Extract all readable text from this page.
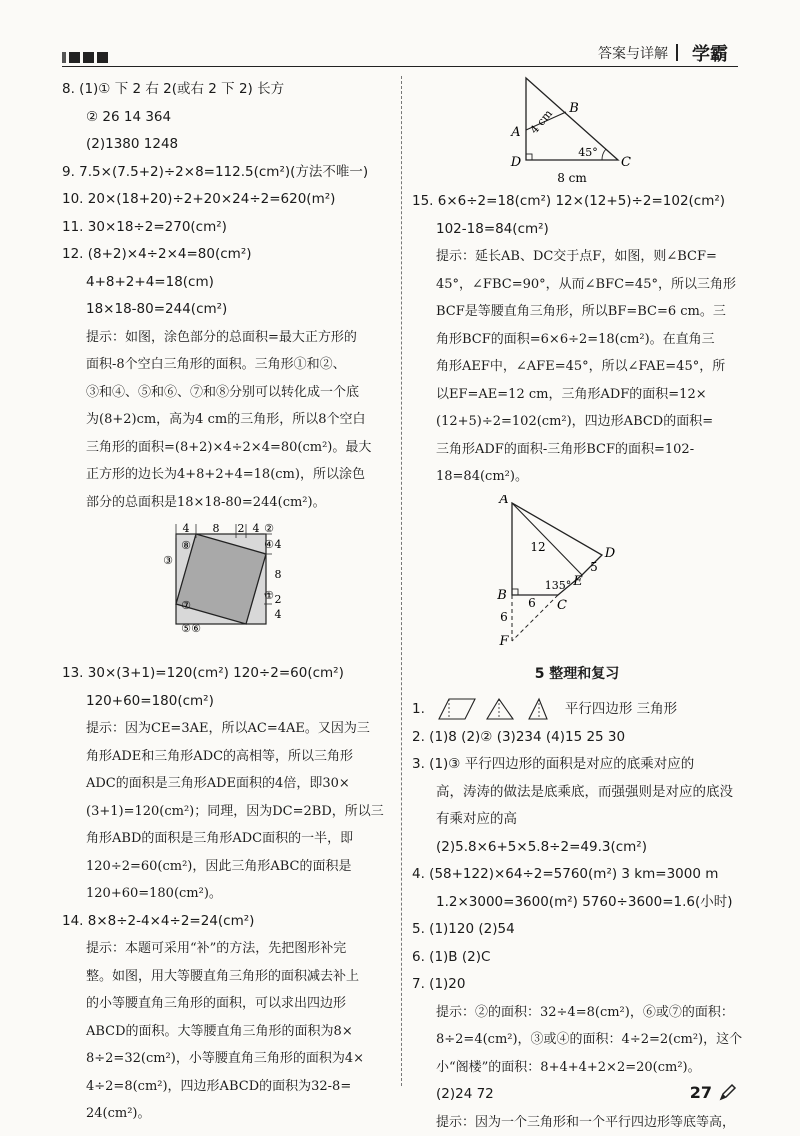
答案与详解 学霸
8. (1)① 下 2 右 2(或右 2 下 2) 长方
② 26 14 364
(2)1380 1248
9. 7.5×(7.5+2)÷2×8=112.5(cm²)(方法不唯一)
10. 20×(18+20)÷2+20×24÷2=620(m²)
11. 30×18÷2=270(cm²)
12. (8+2)×4÷2×4=80(cm²)
4+8+2+4=18(cm)
18×18-80=244(cm²)
提示：如图，涂色部分的总面积=最大正方形的
面积-8个空白三角形的面积。三角形①和②、
③和④、⑤和⑥、⑦和⑧分别可以转化成一个底
为(8+2)cm，高为4 cm的三角形，所以8个空白
三角形的面积=(8+2)×4÷2×4=80(cm²)。最大
正方形的边长为4+8+2+4=18(cm)，所以涂色
部分的总面积是18×18-80=244(cm²)。
4 8 2 4
4
8
2
4
②
④
③
⑧
⑦
⑤ ⑥
①
13. 30×(3+1)=120(cm²) 120÷2=60(cm²)
120+60=180(cm²)
提示：因为CE=3AE，所以AC=4AE。又因为三
角形ADE和三角形ADC的高相等，所以三角形
ADC的面积是三角形ADE面积的4倍，即30×
(3+1)=120(cm²)；同理，因为DC=2BD，所以三
角形ABD的面积是三角形ADC面积的一半，即
120÷2=60(cm²)，因此三角形ABC的面积是
120+60=180(cm²)。
14. 8×8÷2-4×4÷2=24(cm²)
提示：本题可采用“补”的方法，先把图形补完
整。如图，用大等腰直角三角形的面积减去补上
的小等腰直角三角形的面积，可以求出四边形
ABCD的面积。大等腰直角三角形的面积为8×
8÷2=32(cm²)，小等腰直角三角形的面积为4×
4÷2=8(cm²)，四边形ABCD的面积为32-8=
24(cm²)。
A
B
C
D
4 cm
45°
8 cm
15. 6×6÷2=18(cm²) 12×(12+5)÷2=102(cm²)
102-18=84(cm²)
提示：延长AB、DC交于点F，如图，则∠BCF=
45°，∠FBC=90°，从而∠BFC=45°，所以三角形
BCF是等腰直角三角形，所以BF=BC=6 cm。三
角形BCF的面积=6×6÷2=18(cm²)。在直角三
角形AEF中，∠AFE=45°，所以∠FAE=45°，所
以EF=AE=12 cm，三角形ADF的面积=12×
(12+5)÷2=102(cm²)，四边形ABCD的面积=
三角形ADF的面积-三角形BCF的面积=102-
18=84(cm²)。
A
B
C
D
E
F
12
5
6
6
135°
5 整理和复习
1.	平行四边形 三角形
2. (1)8 (2)② (3)234 (4)15 25 30
3. (1)③ 平行四边形的面积是对应的底乘对应的
高，涛涛的做法是底乘底，而强强则是对应的底没
有乘对应的高
(2)5.8×6+5×5.8÷2=49.3(cm²)
4. (58+122)×64÷2=5760(m²) 3 km=3000 m
1.2×3000=3600(m²) 5760÷3600=1.6(小时)
5. (1)120 (2)54
6. (1)B (2)C
7. (1)20
提示：②的面积：32÷4=8(cm²)，⑥或⑦的面积：
8÷2=4(cm²)，③或④的面积：4÷2=2(cm²)，这个
小“阁楼”的面积：8+4+4+2×2=20(cm²)。
(2)24 72
提示：因为一个三角形和一个平行四边形等底等高，
27
